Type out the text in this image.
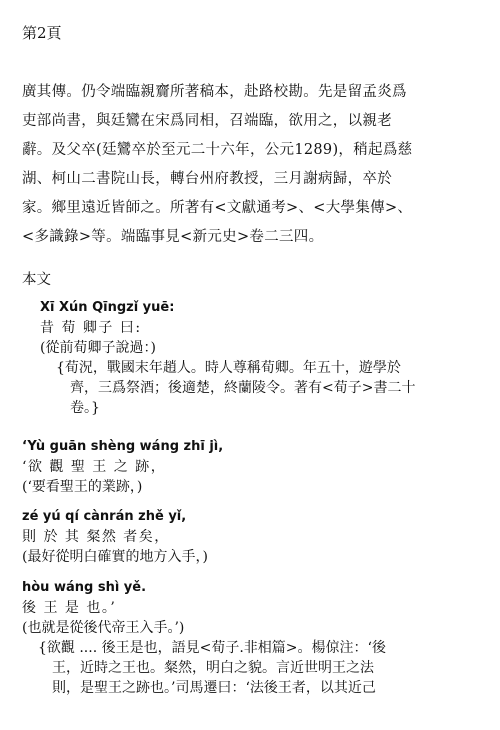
第2頁
廣其傳。仍令端臨親齎所著稿本，赴路校勘。先是留孟炎爲
吏部尚書，與廷鸞在宋爲同相，召端臨，欲用之，以親老
辭。及父卒(廷鸞卒於至元二十六年，公元1289)，稍起爲慈
湖、柯山二書院山長，轉台州府教授，三月謝病歸，卒於
家。鄉里遠近皆師之。所著有<文獻通考>、<大學集傳>、
<多識錄>等。端臨事見<新元史>卷二三四。
本文
Xī Xún Qīngzǐ yuē:
昔 荀 卿子 曰:
(從前荀卿子說過：)
{荀況，戰國末年趙人。時人尊稱荀卿。年五十，遊學於
齊，三爲祭酒；後適楚，終蘭陵令。著有<荀子>書二十
卷。}
‘Yù guān shèng wáng zhī jì,
‘欲 觀 聖 王 之 跡，
(‘要看聖王的業跡，)
zé yú qí cànrán zhě yǐ,
則 於 其 粲然 者矣，
(最好從明白確實的地方入手，)
hòu wáng shì yě.
後 王 是 也。’
(也就是從後代帝王入手。’)
{欲觀 .... 後王是也，語見<荀子.非相篇>。楊倞注：‘後
王，近時之王也。粲然，明白之貌。言近世明王之法
則，是聖王之跡也。’司馬遷曰：‘法後王者，以其近己
